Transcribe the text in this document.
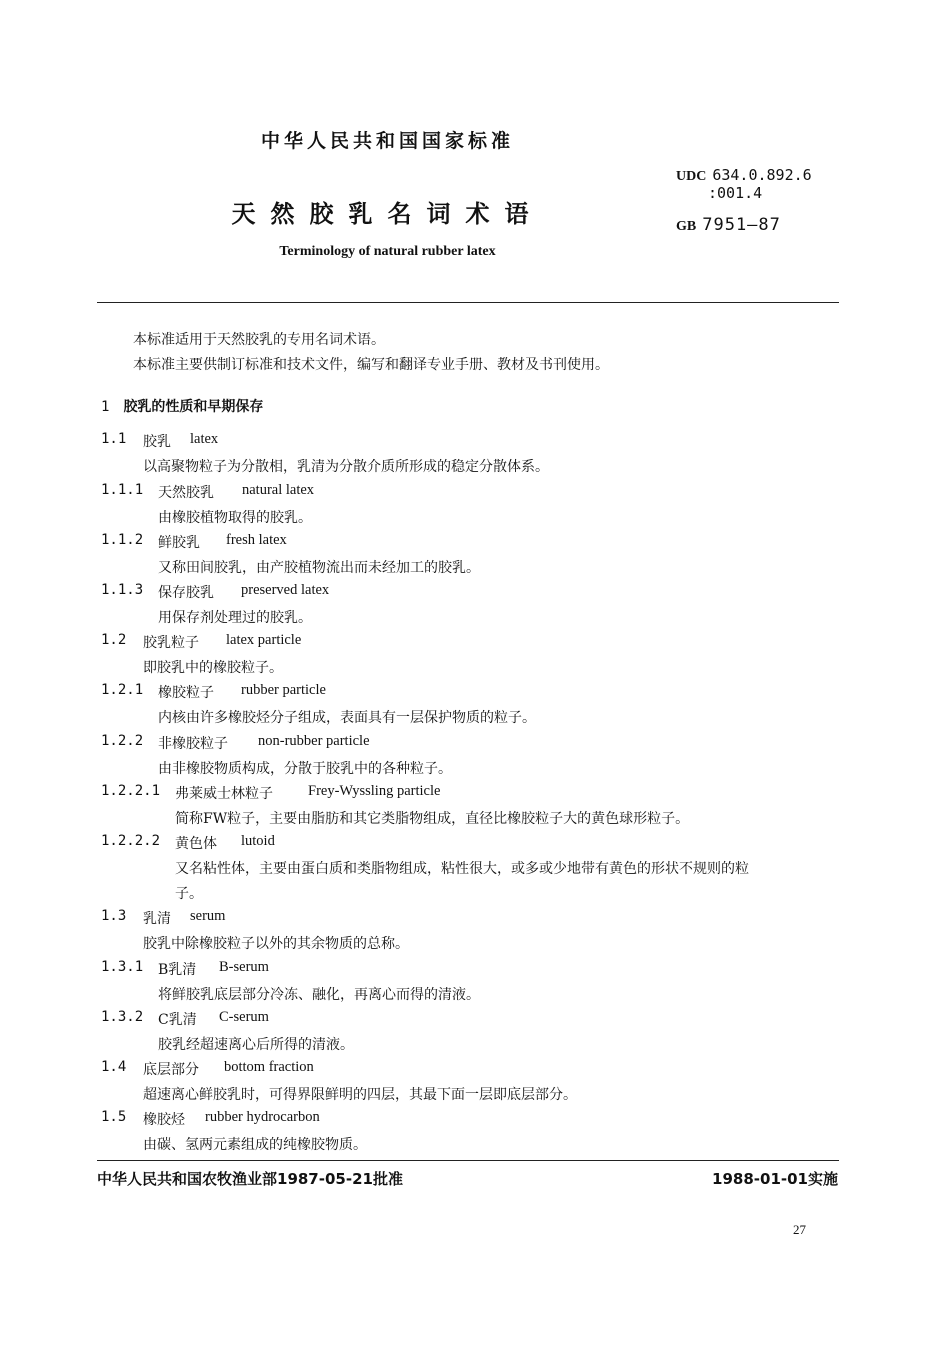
中华人民共和国国家标准
天然胶乳名词术语
Terminology of natural rubber latex
UDC 634.0.892.6
:001.4
GB 7951—87
本标准适用于天然胶乳的专用名词术语。
本标准主要供制订标准和技术文件，编写和翻译专业手册、教材及书刊使用。
1 胶乳的性质和早期保存
1.1 胶乳 latex
以高聚物粒子为分散相，乳清为分散介质所形成的稳定分散体系。
1.1.1 天然胶乳 natural latex
由橡胶植物取得的胶乳。
1.1.2 鲜胶乳 fresh latex
又称田间胶乳，由产胶植物流出而未经加工的胶乳。
1.1.3 保存胶乳 preserved latex
用保存剂处理过的胶乳。
1.2 胶乳粒子 latex particle
即胶乳中的橡胶粒子。
1.2.1 橡胶粒子 rubber particle
内核由许多橡胶烃分子组成，表面具有一层保护物质的粒子。
1.2.2 非橡胶粒子 non-rubber particle
由非橡胶物质构成，分散于胶乳中的各种粒子。
1.2.2.1 弗莱威士林粒子 Frey-Wyssling particle
简称FW粒子，主要由脂肪和其它类脂物组成，直径比橡胶粒子大的黄色球形粒子。
1.2.2.2 黄色体 lutoid
又名粘性体，主要由蛋白质和类脂物组成，粘性很大，或多或少地带有黄色的形状不规则的粒
子。
1.3 乳清 serum
胶乳中除橡胶粒子以外的其余物质的总称。
1.3.1 B乳清 B-serum
将鲜胶乳底层部分冷冻、融化，再离心而得的清液。
1.3.2 C乳清 C-serum
胶乳经超速离心后所得的清液。
1.4 底层部分 bottom fraction
超速离心鲜胶乳时，可得界限鲜明的四层，其最下面一层即底层部分。
1.5 橡胶烃 rubber hydrocarbon
由碳、氢两元素组成的纯橡胶物质。
中华人民共和国农牧渔业部1987-05-21批准	1988-01-01实施
27
